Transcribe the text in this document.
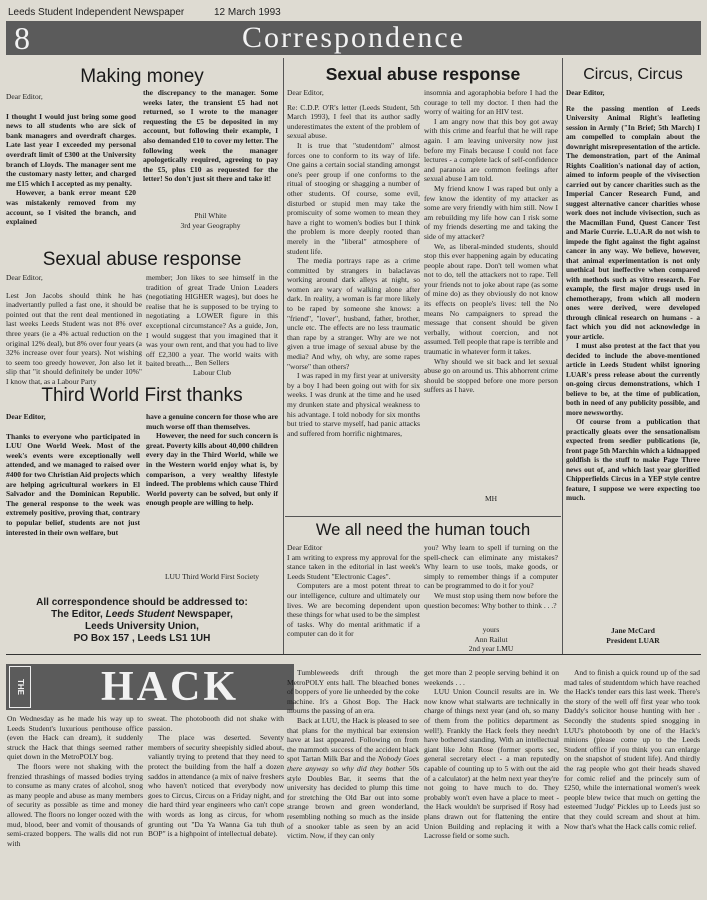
Leeds Student Independent Newspaper	12 March 1993
8	Correspondence
Making money

Dear Editor,

I thought I would just bring some good news to all students who are sick of bank managers and overdraft charges. Late last year I exceeded my personal overdraft limit of £300 at the University branch of Lloyds. The manager sent me the customary nasty letter, and charged me £15 which I accepted as my penalty.

However, a bank error meant £20 was mistakenly removed from my account, so I visited the branch, and explained

the discrepancy to the manager. Some weeks later, the transient £5 had not returned, so I wrote to the manager requesting the £5 be deposited in my account, but following their example, I also demanded £10 to cover my letter. The following week the manager apologetically required, agreeing to pay the £5, plus £10 as requested for the letter! So don't just sit there and take it!

Phil White
3rd year Geography
Sexual abuse response

Dear Editor,

Lest Jon Jacobs should think he has inadvertantly pulled a fast one, it should be pointed out that the rent deal mentioned in last weeks Leeds Student was not 8% over three years (ie a 4% actual reduction on the original 12% deal), but 8% over four years (a 32% increase over four years). Not wishing to seem too greedy however, Jon also let it slip that "it should definitely be under 10%" I know that, as a Labour Party

member; Jon likes to see himself in the tradition of great Trade Union Leaders (negotiating HIGHER wages), but does he realise that he is supposed to be trying to negotiating a LOWER figure in this exceptional circumstance? As a guide, Jon, I would suggest that you imagined that it was your own rent, and that you had to live off £2,300 a year. The world waits with baited breath.... Ben Sellers
Labour Club
Third World First thanks

Dear Editor,

Thanks to everyone who participated in LUU One World Week. Most of the week's events were exceptionally well attended, and we managed to raised over #400 for two Christian Aid projects which are helping agricultural workers in El Salvador and the Dominican Republic. The general response to the week was extremely positive, proving that, contrary to popular belief, students are not just interested in their own welfare, but

have a genuine concern for those who are much worse off than themselves.

However, the need for such concern is great. Poverty kills about 40,000 children every day in the Third World, while we in the Western world enjoy what is, by comparison, a very wealthy lifestyle indeed. The problems which cause Third World poverty can be solved, but only if enough people are willing to help.

LUU Third World First Society
All correspondence should be addressed to:
The Editor, Leeds Student Newspaper,
Leeds University Union,
PO Box 157 , Leeds LS1 1UH
Sexual abuse response

Dear Editor,

Re: C.D.P. O'R's letter (Leeds Student, 5th March 1993), I feel that its author sadly underestimates the extent of the problem of sexual abuse.

It is true that "studentdom" almost forces one to conform to its way of life. One gains a certain social standing amongst one's peer group if one conforms to the ritual of stooging or shagging a number of other students. Of course, some evil, disturbed or stupid men may take the promiscuity of some women to mean they have a right to women's bodies but I think the problem is more deeply rooted than merely in the "liberal" atmosphere of student life.

The media portrays rape as a crime committed by strangers in balaclavas working around dark alleys at night, so women are wary of walking alone after dark. In reality, a woman is far more likely to be raped by someone she knows: a "friend", "lover", husband, father, brother, uncle etc. The effects are no less traumatic than rape by a stranger. Why are we not given a true image of sexual abuse by the media? And why, oh why, are some rapes "worse" than others?

I was raped in my first year at university by a boy I had been going out with for six weeks. I was drunk at the time and he used my drunken state and physical weakness to his advantage. I told nobody for six months but tried to starve myself, had panic attacks and suffered from horrific nightmares,

insomnia and agoraphobia before I had the courage to tell my doctor. I then had the worry of waiting for an HIV test.

I am angry now that this boy got away with this crime and fearful that he will rape again. I am leaving university now just before my Finals because I could not face lectures - a complete lack of self-confidence and paranoia are common feelings after sexual abuse I am told.

My friend know I was raped but only a few know the identity of my attacker as some are very friendly with him still. Now I am rebuilding my life how can I risk some of my friends deserting me and taking the side of my attacker?

We, as liberal-minded students, should stop this ever happening again by educating people about rape. Don't tell women what not to do, tell the attackers not to rape. Tell your friends not to joke about rape (as some of mine do) as they obviously do not know its effects on people's lives: tell the No means No campaigners to spread the message that consent should be given verbally, without coercion, and not assumed. Tell people that rape is terrible and traumatic in whatever form it takes.

Why should we sit back and let sexual abuse go on around us. This abhorrent crime should be stopped before one more person suffers as I have.

MH
We all need the human touch

Dear Editor

I am writing to express my approval for the stance taken in the editorial in last week's Leeds Student "Electronic Cages".

Computers are a most potent threat to our intelligence, culture and ultimately our lives. We are becoming dependent upon these things for what used to be the simplest of tasks. Why do mental arithmatic if a computer can do it for

you? Why learn to spell if turning on the spell-check can eliminate any mistakes? Why learn to use tools, make goods, or simply to remember things if a computer can be programmed to do it for you?

We must stop using them now before the question becomes: Why bother to think . . .?

yours
Ann Railut
2nd year LMU
Circus, Circus

Dear Editor,

Re the passing mention of Leeds University Animal Right's leafleting session in Armly ("In Brief; 5th March) I am compelled to complain about the downright misrepresentation of the article. The demonstration, part of the Animal Rights Coalition's national day of action, aimed to inform people of the vivisection carried out by cancer charities such as the Imperial Cancer Research Fund, and suggest alternative cancer charities whose work does not include vivisection, such as the Macmillan Fund, Quest Cancer Test and Marie Currie. L.U.A.R do not wish to impede the fight against the fight against cancer in any way. We believe, however, that animal experimentation is not only unethical but ineffective when compared with methods such as vitro research. For example, the first major drugs used in chemotherapy, from which all modern ones were derived, were developed through clinical research on humans - a fact which you did not acknowledge in your article.

I must also protest at the fact that you decided to include the above-mentioned article in Leeds Student whilst ignoring LUAR's press release about the currently on-going circus demonstrations, which I believe to be, at the time of publication, both in need of any publicity possible, and more newsworthy.

Of course from a publication that practically gloats over the sensationalism expected from seedier publications (ie, front page 5th Marchin which a kidnapped goldfish is the stuff to make Page Three news out of, and which last year glorified Chipperfields Circus in a YEP style centre feature, I suppose we were expecting too much.

Jane McCard
President LUAR
THE	HACK

On Wednesday as he made his way up to Leeds Student's luxurious penthouse office (even the Hack can dream), it suddenly struck the Hack that things seemed rather quiet down in the MetroPOLY bog.

The floors were not shaking with the frenzied thrashings of massed bodies trying to consume as many crates of alcohol, snog as many people and abuse as many members of security as possible as time and money allowed. The floors no longer oozed with the mud, blood, beer and vomit of thousands of semi-crazed boppers. The walls did not run with

sweat. The photobooth did not shake with passion.

The place was deserted. Seventy members of security sheepishly sidled about, valiantly trying to pretend that they need to protect the building from the half a dozen saddos in attendance (a mix of naive freshers who haven't noticed that everybody now goes to Circus, Circus on a Friday night, and die hard third year engineers who can't cope with words as long as circus, for whom grunting out "Da Ya Wanna Ga tuh thuh BOP" is a highpoint of intellectual debate).

Tumbleweeds drift through the MetroPOLY ents hall. The bleached bones of boppers of yore lie unheeded by the coke machine. It's a Ghost Bop. The Hack mourns the passing of an era.

Back at LUU, the Hack is pleased to see that plans for the mythical bar extension have at last appeared. Following on from the mammoth success of the accident black spot Tartan Milk Bar and the Nobody Goes there anyway so why did they bother 50s style Doubles Bar, it seems that the university has decided to plump this time for stretching the Old Bar out into some strange brown and green wonderland, resembling nothing so much as the inside of a snooker table as seen by an acid victim. Now, if they can only

get more than 2 people serving behind it on weekends . . .

LUU Union Council results are in. We now know what stalwarts are technically in charge of things next year (and oh, so many of them from the politics department as well!). Frankly the Hack feels they needn't have bothered standing. With an intellectual giant like John Rose (former sports sec, general secretary elect - a man reputedly capable of counting up to 5 with out the aid of a calculator) at the helm next year they're not going to have much to do. They probably won't even have a place to meet - the Hack wouldn't be surprised if Rosy had plans drawn out for flattening the entire Union Building and replacing it with a Lacrosse field or some such.

And to finish a quick round up of the sad mad tales of studentdom which have reached the Hack's tender ears this last week. There's the story of the well off first year who took Daddy's solicitor house hunting with her . Secondly the students spied snogging in LUU's photobooth by one of the Hack's minions (please come up to the Leeds Student office if you think you can enlarge on the snapshot of student life). And thirdly the rag people who got their heads shaved for comic relief and the princely sum of £250, while the international women's week people blew twice that much on getting the esteemed 'Judge' Pickles up to Leeds just so that they could scream and shout at him. Now that's what the Hack calls comic relief.
